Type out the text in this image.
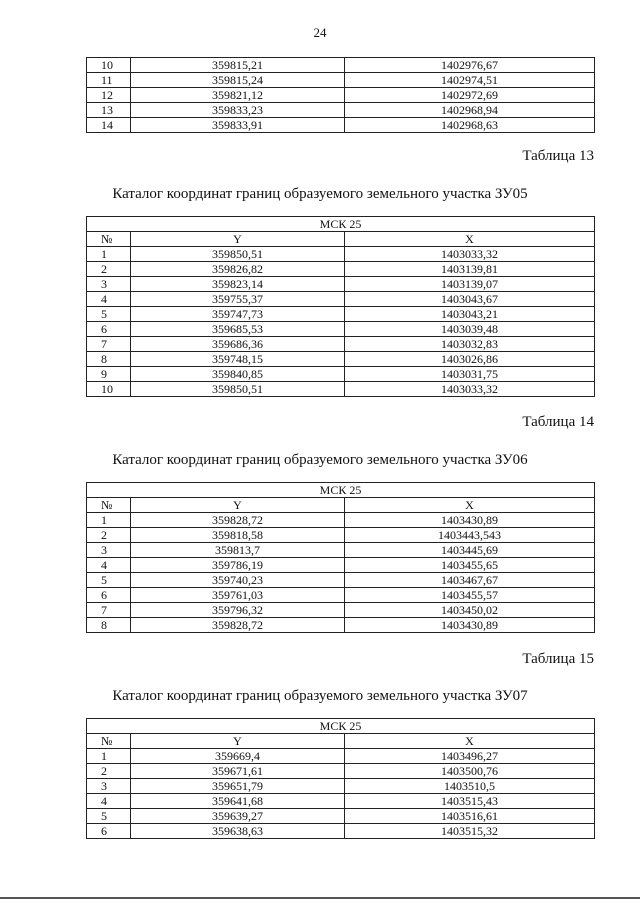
24
10	359815,21	1402976,67
11	359815,24	1402974,51
12	359821,12	1402972,69
13	359833,23	1402968,94
14	359833,91	1402968,63
Таблица 13
Каталог координат границ образуемого земельного участка ЗУ05
МСК 25		
№	Y	X
1	359850,51	1403033,32
2	359826,82	1403139,81
3	359823,14	1403139,07
4	359755,37	1403043,67
5	359747,73	1403043,21
6	359685,53	1403039,48
7	359686,36	1403032,83
8	359748,15	1403026,86
9	359840,85	1403031,75
10	359850,51	1403033,32
Таблица 14
Каталог координат границ образуемого земельного участка ЗУ06
МСК 25		
№	Y	X
1	359828,72	1403430,89
2	359818,58	1403443,543
3	359813,7	1403445,69
4	359786,19	1403455,65
5	359740,23	1403467,67
6	359761,03	1403455,57
7	359796,32	1403450,02
8	359828,72	1403430,89
Таблица 15
Каталог координат границ образуемого земельного участка ЗУ07
МСК 25		
№	Y	X
1	359669,4	1403496,27
2	359671,61	1403500,76
3	359651,79	1403510,5
4	359641,68	1403515,43
5	359639,27	1403516,61
6	359638,63	1403515,32
